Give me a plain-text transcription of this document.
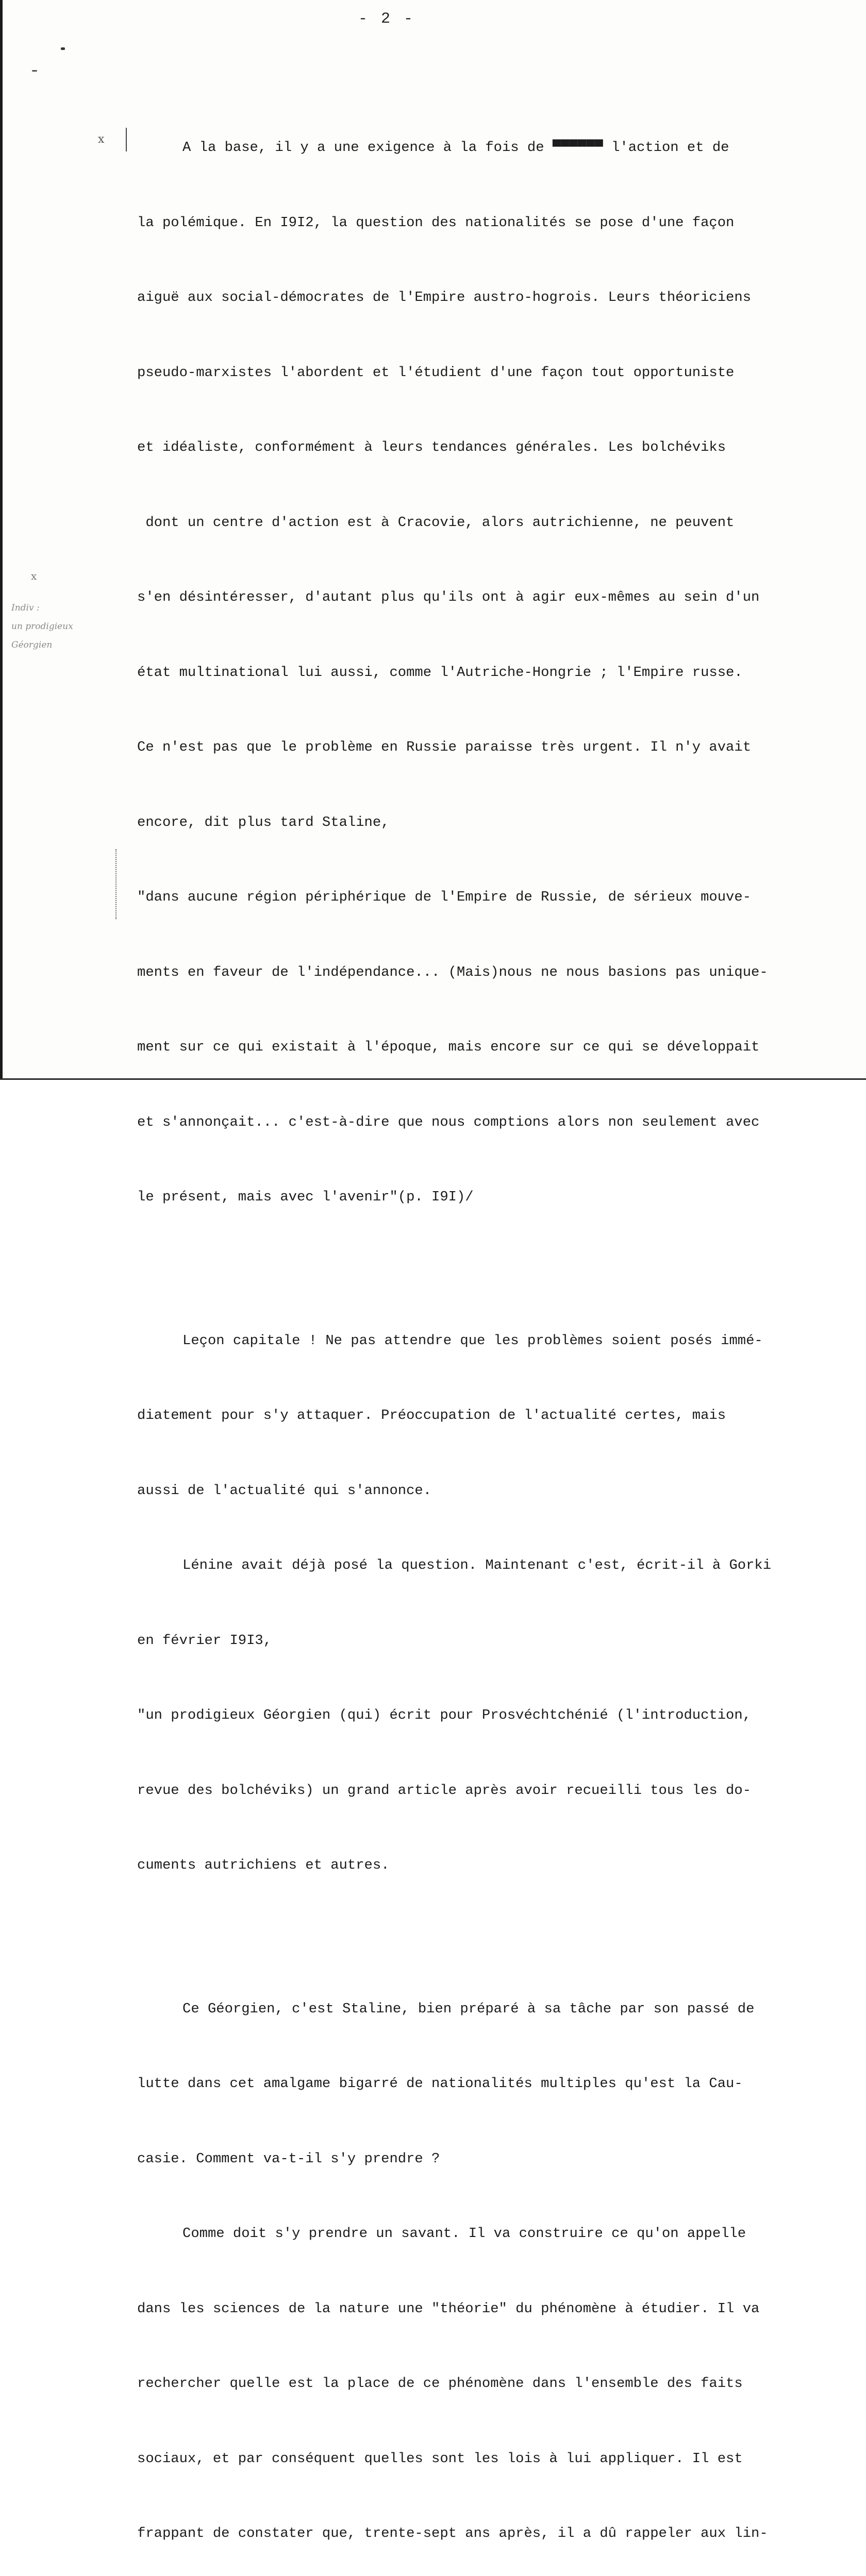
- 2 -
x
x
Indiv :
un prodigieux
Géorgien

A la base, il y a une exigence à la fois de ▀▀▀▀▀▀ l'action et de

la polémique. En I9I2, la question des nationalités se pose d'une façon

aiguë aux social-démocrates de l'Empire austro-hogrois. Leurs théoriciens

pseudo-marxistes l'abordent et l'étudient d'une façon tout opportuniste

et idéaliste, conformément à leurs tendances générales. Les bolchéviks

dont un centre d'action est à Cracovie, alors autrichienne, ne peuvent

s'en désintéresser, d'autant plus qu'ils ont à agir eux-mêmes au sein d'un

état multinational lui aussi, comme l'Autriche-Hongrie ; l'Empire russe.

Ce n'est pas que le problème en Russie paraisse très urgent. Il n'y avait

encore, dit plus tard Staline,

"dans aucune région périphérique de l'Empire de Russie, de sérieux mouve-

ments en faveur de l'indépendance... (Mais)nous ne nous basions pas unique-

ment sur ce qui existait à l'époque, mais encore sur ce qui se développait

et s'annonçait... c'est-à-dire que nous comptions alors non seulement avec

le présent, mais avec l'avenir"(p. I9I)/

Leçon capitale ! Ne pas attendre que les problèmes soient posés immé-

diatement pour s'y attaquer. Préoccupation de l'actualité certes, mais

aussi de l'actualité qui s'annonce.

Lénine avait déjà posé la question. Maintenant c'est, écrit-il à Gorki

en février I9I3,

"un prodigieux Géorgien (qui) écrit pour Prosvéchtchénié (l'introduction,

revue des bolchéviks) un grand article après avoir recueilli tous les do-

cuments autrichiens et autres.

Ce Géorgien, c'est Staline, bien préparé à sa tâche par son passé de

lutte dans cet amalgame bigarré de nationalités multiples qu'est la Cau-

casie. Comment va-t-il s'y prendre ?

Comme doit s'y prendre un savant. Il va construire ce qu'on appelle

dans les sciences de la nature une "théorie" du phénomène à étudier. Il va

rechercher quelle est la place de ce phénomène dans l'ensemble des faits

sociaux, et par conséquent quelles sont les lois à lui appliquer. Il est

frappant de constater que, trente-sept ans après, il a dû rappeler aux lin-
